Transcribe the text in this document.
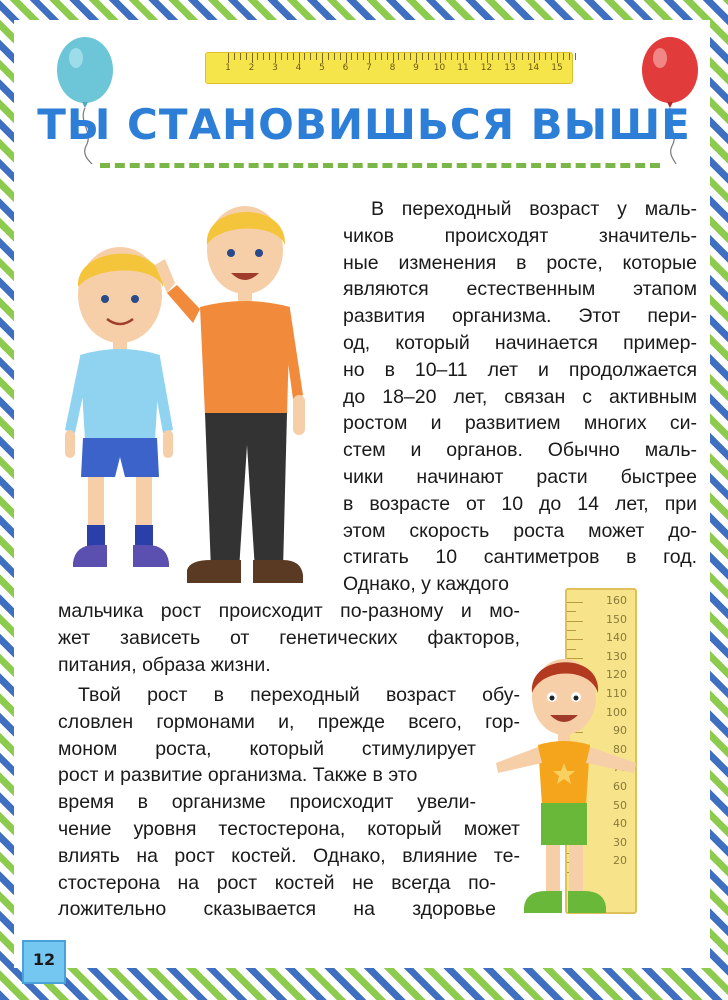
1 2 3 4 5 6 7 8 9 10 11 12 13 14 15
ТЫ СТАНОВИШЬСЯ ВЫШЕ
В переходный возраст у маль-
чиков происходят значитель-
ные изменения в росте, которые
являются естественным этапом
развития организма. Этот пери-
од, который начинается пример-
но в 10–11 лет и продолжается
до 18–20 лет, связан с активным
ростом и развитием многих си-
стем и органов. Обычно маль-
чики начинают расти быстрее
в возрасте от 10 до 14 лет, при
этом скорость роста может до-
стигать 10 сантиметров в год.
Однако, у каждого
мальчика рост происходит по-разному и мо-
жет зависеть от генетических факторов,
питания, образа жизни.
Твой рост в переходный возраст обу-
словлен гормонами и, прежде всего, гор-
моном роста, который стимулирует
рост и развитие организма. Также в это
время в организме происходит увели-
чение уровня тестостерона, который может
влиять на рост костей. Однако, влияние те-
стостерона на рост костей не всегда по-
ложительно сказывается на здоровье
160
150
140
130
120
110
100
90
80
60
50
40
30
20
12
